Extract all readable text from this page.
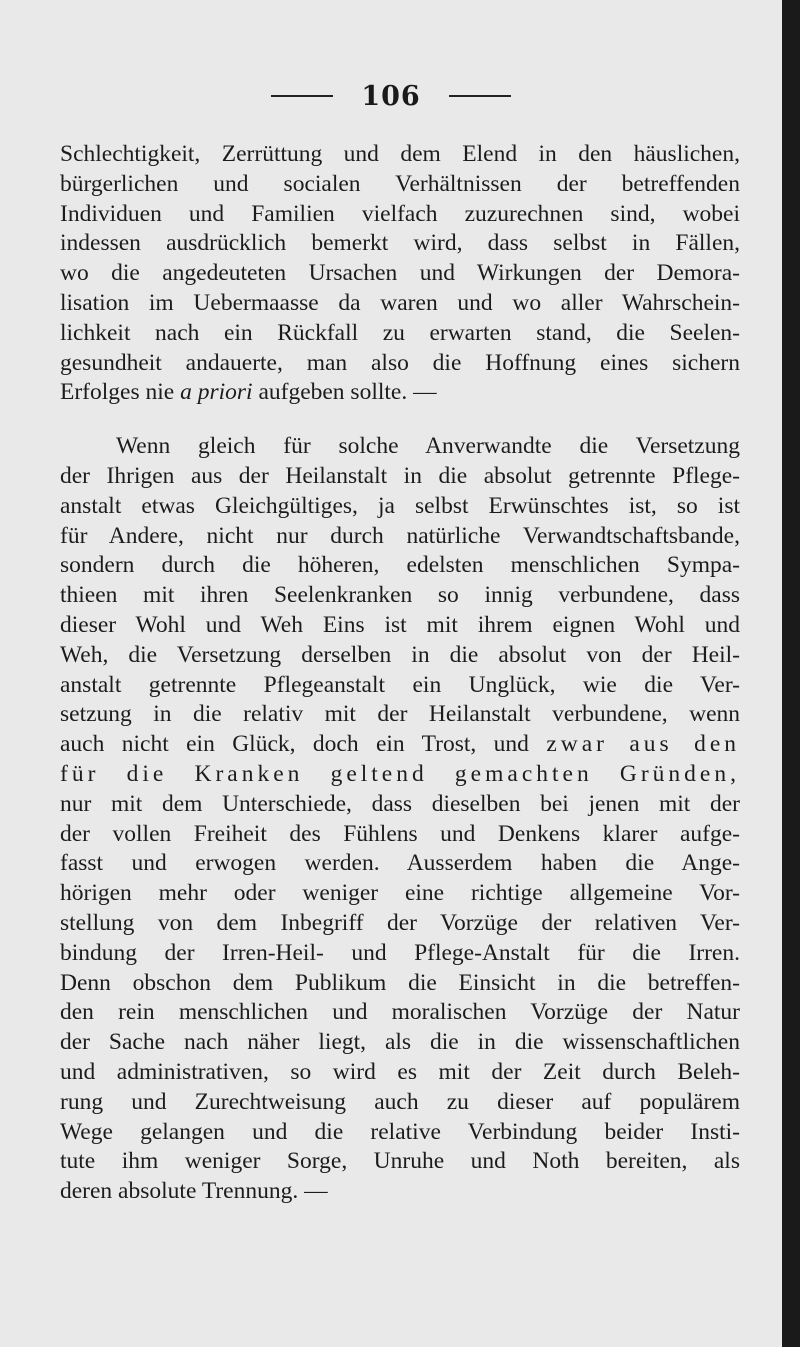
106
Schlechtigkeit, Zerrüttung und dem Elend in den häuslichen,
bürgerlichen und socialen Verhältnissen der betreffenden
Individuen und Familien vielfach zuzurechnen sind, wobei
indessen ausdrücklich bemerkt wird, dass selbst in Fällen,
wo die angedeuteten Ursachen und Wirkungen der Demora-
lisation im Uebermaasse da waren und wo aller Wahrschein-
lichkeit nach ein Rückfall zu erwarten stand, die Seelen-
gesundheit andauerte, man also die Hoffnung eines sichern
Erfolges nie a priori aufgeben sollte. —
Wenn gleich für solche Anverwandte die Versetzung
der Ihrigen aus der Heilanstalt in die absolut getrennte Pflege-
anstalt etwas Gleichgültiges, ja selbst Erwünschtes ist, so ist
für Andere, nicht nur durch natürliche Verwandtschaftsbande,
sondern durch die höheren, edelsten menschlichen Sympa-
thieen mit ihren Seelenkranken so innig verbundene, dass
dieser Wohl und Weh Eins ist mit ihrem eignen Wohl und
Weh, die Versetzung derselben in die absolut von der Heil-
anstalt getrennte Pflegeanstalt ein Unglück, wie die Ver-
setzung in die relativ mit der Heilanstalt verbundene, wenn
auch nicht ein Glück, doch ein Trost, und zwar aus den
für die Kranken geltend gemachten Gründen,
nur mit dem Unterschiede, dass dieselben bei jenen mit der
der vollen Freiheit des Fühlens und Denkens klarer aufge-
fasst und erwogen werden. Ausserdem haben die Ange-
hörigen mehr oder weniger eine richtige allgemeine Vor-
stellung von dem Inbegriff der Vorzüge der relativen Ver-
bindung der Irren-Heil- und Pflege-Anstalt für die Irren.
Denn obschon dem Publikum die Einsicht in die betreffen-
den rein menschlichen und moralischen Vorzüge der Natur
der Sache nach näher liegt, als die in die wissenschaftlichen
und administrativen, so wird es mit der Zeit durch Beleh-
rung und Zurechtweisung auch zu dieser auf populärem
Wege gelangen und die relative Verbindung beider Insti-
tute ihm weniger Sorge, Unruhe und Noth bereiten, als
deren absolute Trennung. —
